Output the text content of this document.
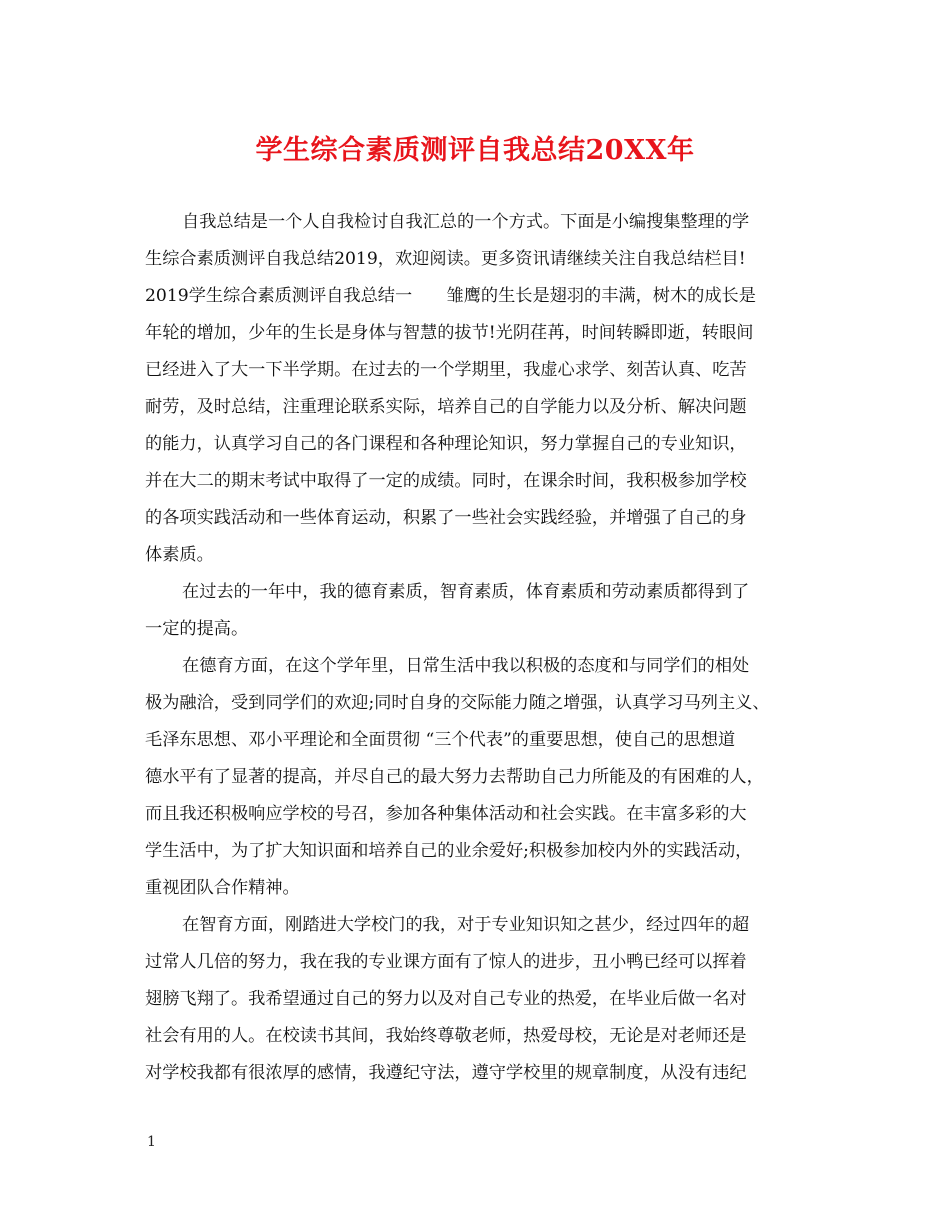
学生综合素质测评自我总结20XX年
自我总结是一个人自我检讨自我汇总的一个方式。下面是小编搜集整理的学
生综合素质测评自我总结2019，欢迎阅读。更多资讯请继续关注自我总结栏目!
2019学生综合素质测评自我总结一　　雏鹰的生长是翅羽的丰满，树木的成长是
年轮的增加，少年的生长是身体与智慧的拔节!光阴荏苒，时间转瞬即逝，转眼间
已经进入了大一下半学期。在过去的一个学期里，我虚心求学、刻苦认真、吃苦
耐劳，及时总结，注重理论联系实际，培养自己的自学能力以及分析、解决问题
的能力，认真学习自己的各门课程和各种理论知识，努力掌握自己的专业知识，
并在大二的期末考试中取得了一定的成绩。同时，在课余时间，我积极参加学校
的各项实践活动和一些体育运动，积累了一些社会实践经验，并增强了自己的身
体素质。
在过去的一年中，我的德育素质，智育素质，体育素质和劳动素质都得到了
一定的提高。
在德育方面，在这个学年里，日常生活中我以积极的态度和与同学们的相处
极为融洽，受到同学们的欢迎;同时自身的交际能力随之增强，认真学习马列主义、
毛泽东思想、邓小平理论和全面贯彻 “三个代表”的重要思想，使自己的思想道
德水平有了显著的提高，并尽自己的最大努力去帮助自己力所能及的有困难的人，
而且我还积极响应学校的号召，参加各种集体活动和社会实践。在丰富多彩的大
学生活中，为了扩大知识面和培养自己的业余爱好;积极参加校内外的实践活动，
重视团队合作精神。
在智育方面，刚踏进大学校门的我，对于专业知识知之甚少，经过四年的超
过常人几倍的努力，我在我的专业课方面有了惊人的进步，丑小鸭已经可以挥着
翅膀飞翔了。我希望通过自己的努力以及对自己专业的热爱，在毕业后做一名对
社会有用的人。在校读书其间，我始终尊敬老师，热爱母校，无论是对老师还是
对学校我都有很浓厚的感情，我遵纪守法，遵守学校里的规章制度，从没有违纪
1
